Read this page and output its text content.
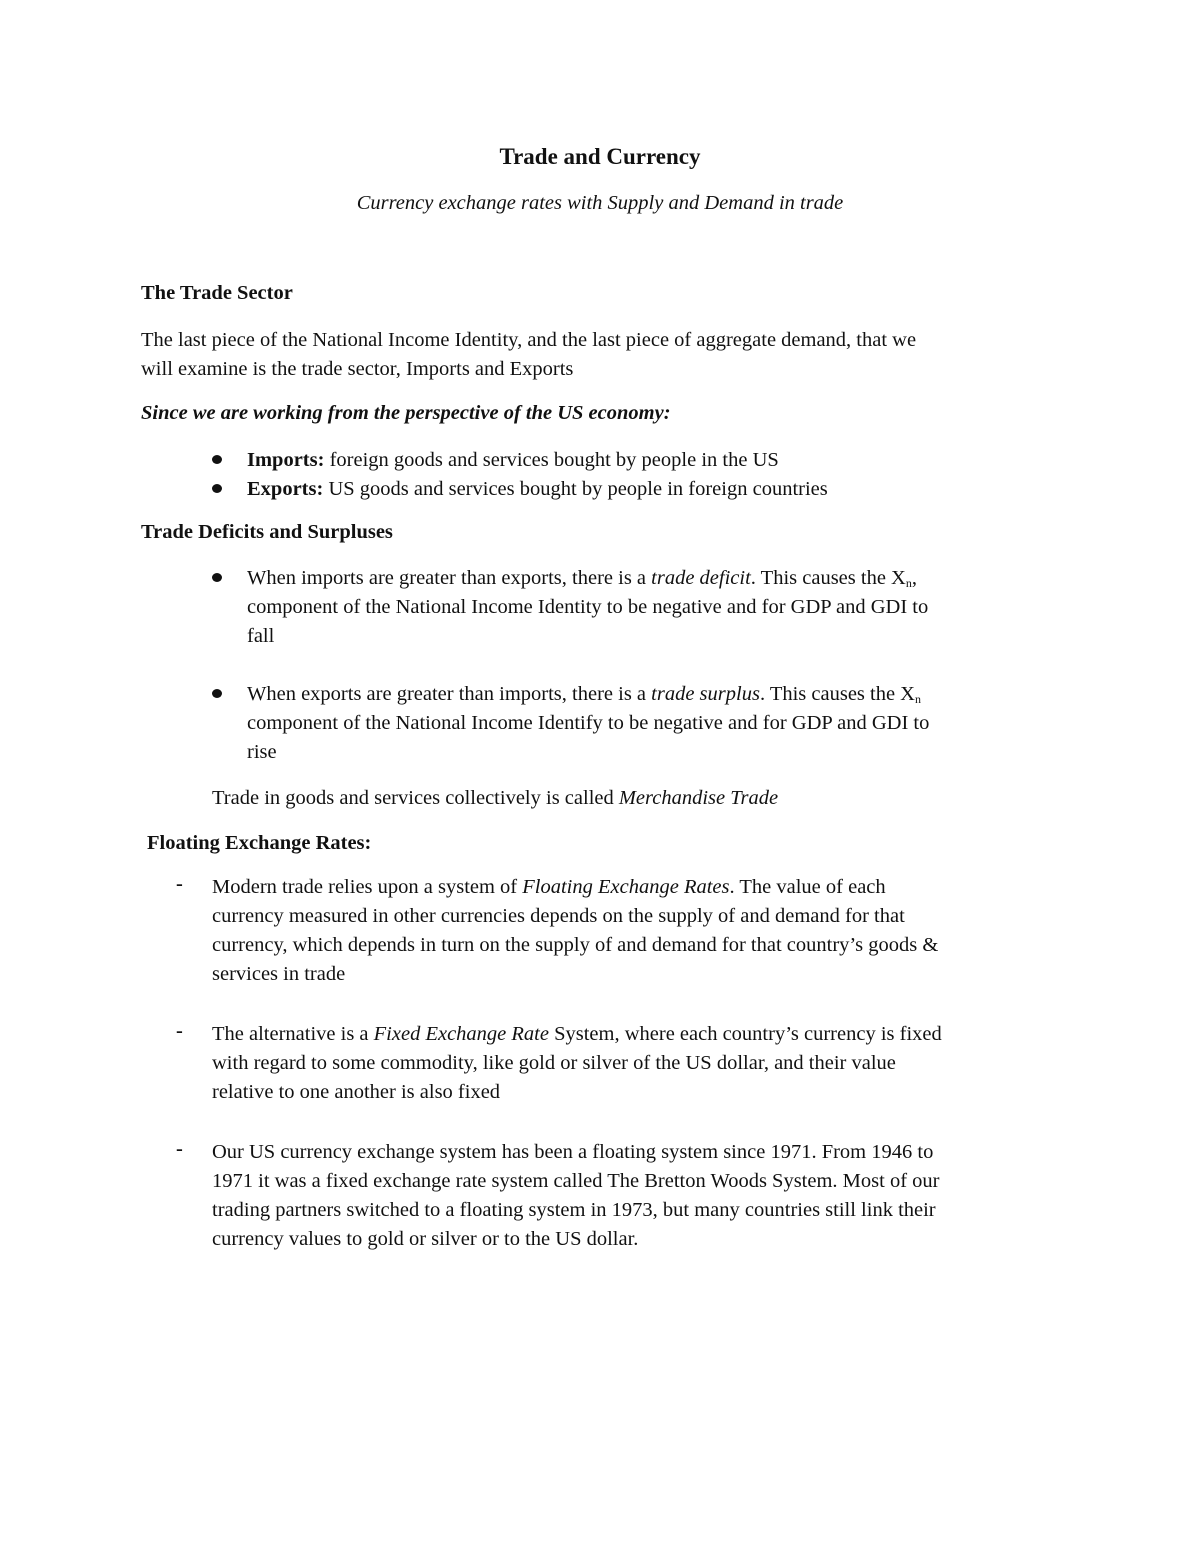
Trade and Currency
Currency exchange rates with Supply and Demand in trade
The Trade Sector
The last piece of the National Income Identity, and the last piece of aggregate demand, that we
will examine is the trade sector, Imports and Exports
Since we are working from the perspective of the US economy:
Imports: foreign goods and services bought by people in the US
Exports: US goods and services bought by people in foreign countries
Trade Deficits and Surpluses
When imports are greater than exports, there is a trade deficit. This causes the $X_n$,
component of the National Income Identity to be negative and for GDP and GDI to
fall
When exports are greater than imports, there is a trade surplus. This causes the $X_n$
component of the National Income Identify to be negative and for GDP and GDI to
rise
Trade in goods and services collectively is called Merchandise Trade
Floating Exchange Rates:
- Modern trade relies upon a system of Floating Exchange Rates. The value of each
currency measured in other currencies depends on the supply of and demand for that
currency, which depends in turn on the supply of and demand for that country’s goods &
services in trade
- The alternative is a Fixed Exchange Rate System, where each country’s currency is fixed
with regard to some commodity, like gold or silver of the US dollar, and their value
relative to one another is also fixed
- Our US currency exchange system has been a floating system since 1971. From 1946 to
1971 it was a fixed exchange rate system called The Bretton Woods System. Most of our
trading partners switched to a floating system in 1973, but many countries still link their
currency values to gold or silver or to the US dollar.
